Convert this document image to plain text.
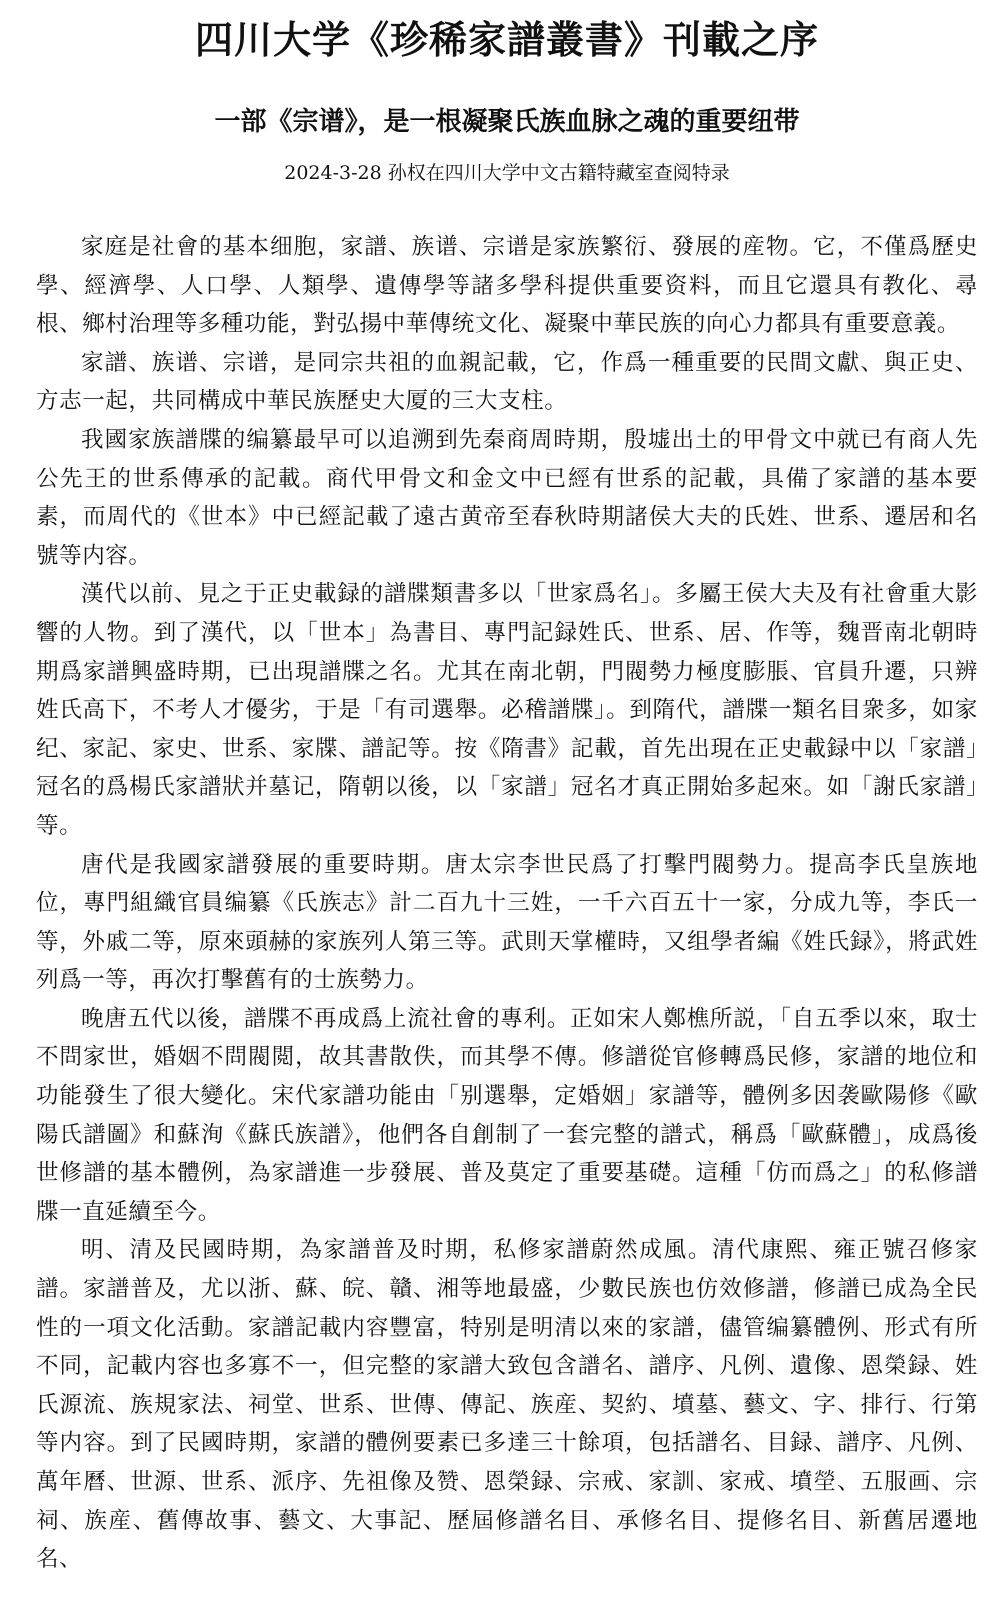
四川大学《珍稀家譜叢書》刊載之序
一部《宗谱》，是一根凝聚氏族血脉之魂的重要纽带
2024-3-28 孙权在四川大学中文古籍特藏室查阅特录

家庭是社會的基本细胞，家譜、族谱、宗谱是家族繁衍、發展的産物。它，不僅爲歷史學、經濟學、人口學、人類學、遺傳學等諸多學科提供重要资料，而且它還具有教化、尋根、鄉村治理等多種功能，對弘揚中華傳统文化、凝聚中華民族的向心力都具有重要意義。

家譜、族谱、宗谱，是同宗共祖的血親記載，它，作爲一種重要的民間文獻、與正史、方志一起，共同構成中華民族歷史大厦的三大支柱。

我國家族譜牒的编纂最早可以追溯到先秦商周時期，殷墟出土的甲骨文中就已有商人先公先王的世系傳承的記載。商代甲骨文和金文中已經有世系的記載，具備了家譜的基本要素，而周代的《世本》中已經記載了遠古黄帝至春秋時期諸侯大夫的氏姓、世系、遷居和名號等内容。

漢代以前、見之于正史載録的譜牒類書多以「世家爲名」。多屬王侯大夫及有社會重大影響的人物。到了漢代，以「世本」為書目、專門記録姓氏、世系、居、作等，魏晋南北朝時期爲家譜興盛時期，已出現譜牒之名。尤其在南北朝，門閥勢力極度膨脹、官員升遷，只辨姓氏高下，不考人才優劣，于是「有司選舉。必稽譜牒」。到隋代，譜牒一類名目衆多，如家纪、家記、家史、世系、家牒、譜記等。按《隋書》記載，首先出現在正史載録中以「家譜」冠名的爲楊氏家譜狀并墓记，隋朝以後，以「家譜」冠名才真正開始多起來。如「謝氏家譜」等。

唐代是我國家譜發展的重要時期。唐太宗李世民爲了打擊門閥勢力。提高李氏皇族地位，專門組織官員编纂《氏族志》計二百九十三姓，一千六百五十一家，分成九等，李氏一等，外戚二等，原來頭赫的家族列人第三等。武則天掌權時，又组學者編《姓氏録》，將武姓列爲一等，再次打擊舊有的士族勢力。

晚唐五代以後，譜牒不再成爲上流社會的專利。正如宋人鄭樵所説，「自五季以來，取士不問家世，婚姻不問閥閲，故其書散佚，而其學不傳。修譜從官修轉爲民修，家譜的地位和功能發生了很大變化。宋代家譜功能由「别選舉，定婚姻」家譜等，體例多因袭歐陽修《歐陽氏譜圖》和蘇洵《蘇氏族譜》，他們各自創制了一套完整的譜式，稱爲「歐蘇體」，成爲後世修譜的基本體例，為家譜進一步發展、普及莫定了重要基礎。這種「仿而爲之」的私修譜牒一直延續至今。

明、清及民國時期，為家譜普及时期，私修家譜蔚然成風。清代康熙、雍正號召修家譜。家譜普及，尤以浙、蘇、皖、贛、湘等地最盛，少數民族也仿效修譜，修譜已成為全民性的一項文化活動。家譜記載内容豐富，特别是明清以來的家譜，儘管编纂體例、形式有所不同，記載内容也多寡不一，但完整的家譜大致包含譜名、譜序、凡例、遺像、恩榮録、姓氏源流、族規家法、祠堂、世系、世傳、傳記、族産、契約、墳墓、藝文、字、排行、行第等内容。到了民國時期，家譜的體例要素已多達三十餘項，包括譜名、目録、譜序、凡例、萬年曆、世源、世系、派序、先祖像及赞、恩榮録、宗戒、家訓、家戒、墳塋、五服画、宗祠、族産、舊傳故事、藝文、大事記、歷屆修譜名目、承修名目、提修名目、新舊居遷地名、
